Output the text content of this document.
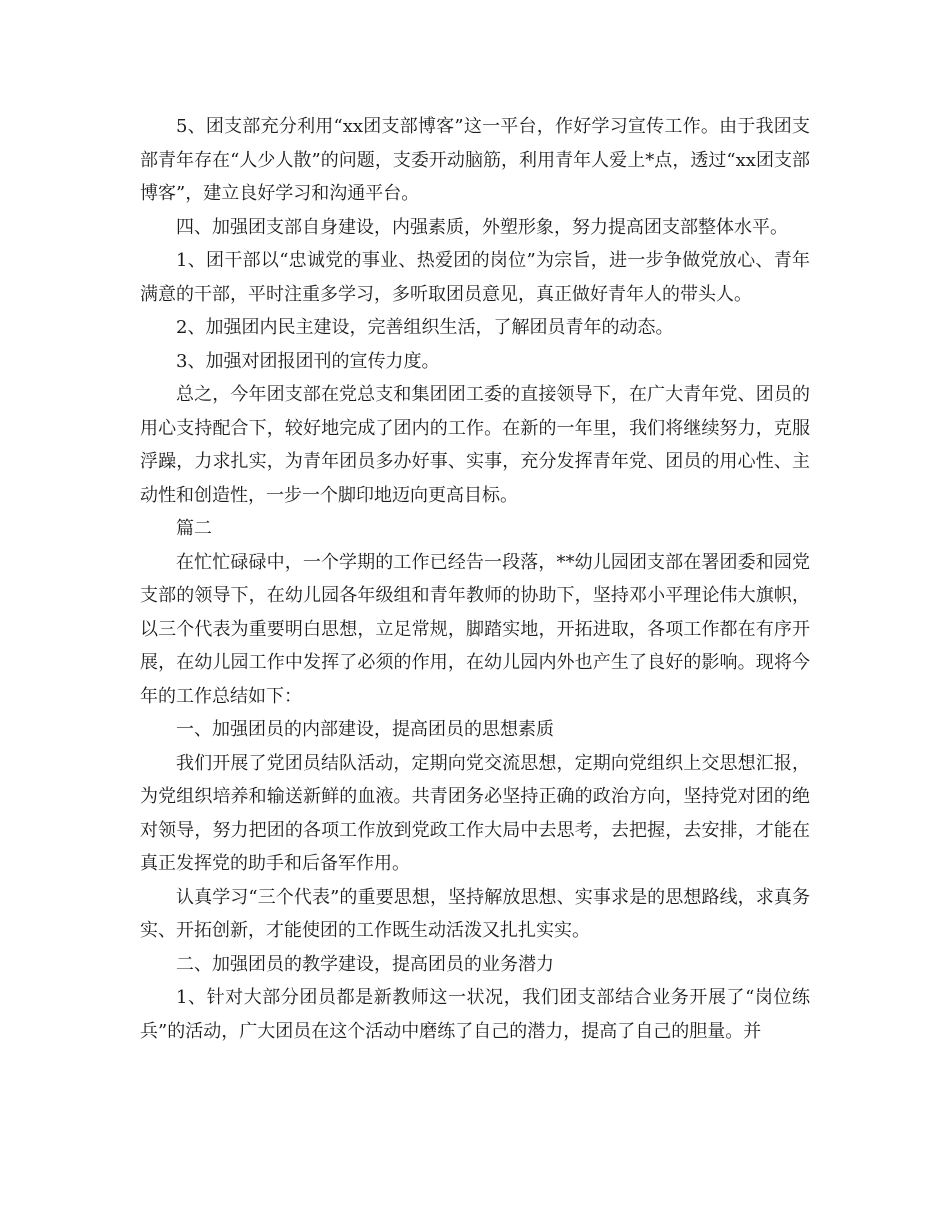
5、团支部充分利用“xx团支部博客”这一平台，作好学习宣传工作。由于我团支部青年存在“人少人散”的问题，支委开动脑筋，利用青年人爱上*点，透过“xx团支部博客”，建立良好学习和沟通平台。

四、加强团支部自身建设，内强素质，外塑形象，努力提高团支部整体水平。

1、团干部以“忠诚党的事业、热爱团的岗位”为宗旨，进一步争做党放心、青年满意的干部，平时注重多学习，多听取团员意见，真正做好青年人的带头人。

2、加强团内民主建设，完善组织生活，了解团员青年的动态。

3、加强对团报团刊的宣传力度。

总之，今年团支部在党总支和集团团工委的直接领导下，在广大青年党、团员的用心支持配合下，较好地完成了团内的工作。在新的一年里，我们将继续努力，克服浮躁，力求扎实，为青年团员多办好事、实事，充分发挥青年党、团员的用心性、主动性和创造性，一步一个脚印地迈向更高目标。

篇二

在忙忙碌碌中，一个学期的工作已经告一段落，**幼儿园团支部在署团委和园党支部的领导下，在幼儿园各年级组和青年教师的协助下，坚持邓小平理论伟大旗帜，以三个代表为重要明白思想，立足常规，脚踏实地，开拓进取，各项工作都在有序开展，在幼儿园工作中发挥了必须的作用，在幼儿园内外也产生了良好的影响。现将今年的工作总结如下：

一、加强团员的内部建设，提高团员的思想素质

我们开展了党团员结队活动，定期向党交流思想，定期向党组织上交思想汇报，为党组织培养和输送新鲜的血液。共青团务必坚持正确的政治方向，坚持党对团的绝对领导，努力把团的各项工作放到党政工作大局中去思考，去把握，去安排，才能在真正发挥党的助手和后备军作用。

认真学习“三个代表”的重要思想，坚持解放思想、实事求是的思想路线，求真务实、开拓创新，才能使团的工作既生动活泼又扎扎实实。

二、加强团员的教学建设，提高团员的业务潜力

1、针对大部分团员都是新教师这一状况，我们团支部结合业务开展了“岗位练兵”的活动，广大团员在这个活动中磨练了自己的潜力，提高了自己的胆量。并
